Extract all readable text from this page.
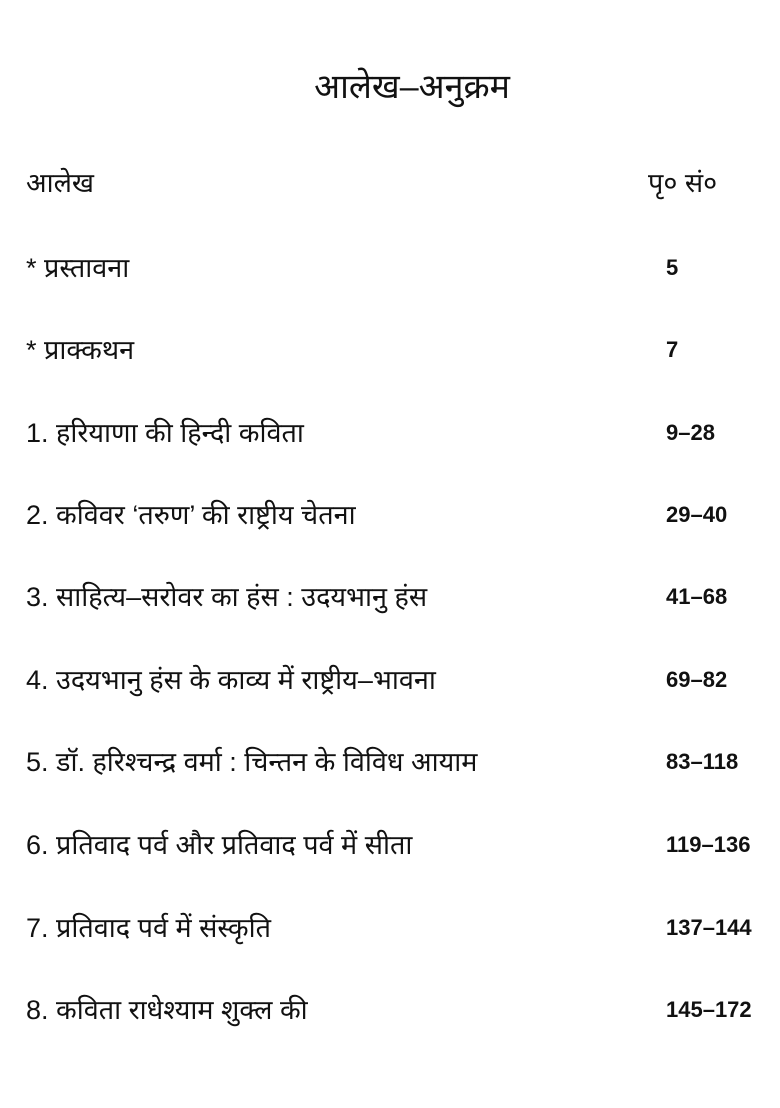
आलेख–अनुक्रम
आलेख	पृ० सं०
* प्रस्तावना	5
* प्राक्कथन	7
1. हरियाणा की हिन्दी कविता	9–28
2. कविवर ‘तरुण’ की राष्ट्रीय चेतना	29–40
3. साहित्य–सरोवर का हंस : उदयभानु हंस	41–68
4. उदयभानु हंस के काव्य में राष्ट्रीय–भावना	69–82
5. डॉ. हरिश्चन्द्र वर्मा : चिन्तन के विविध आयाम	83–118
6. प्रतिवाद पर्व और प्रतिवाद पर्व में सीता	119–136
7. प्रतिवाद पर्व में संस्कृति	137–144
8. कविता राधेश्याम शुक्ल की	145–172
